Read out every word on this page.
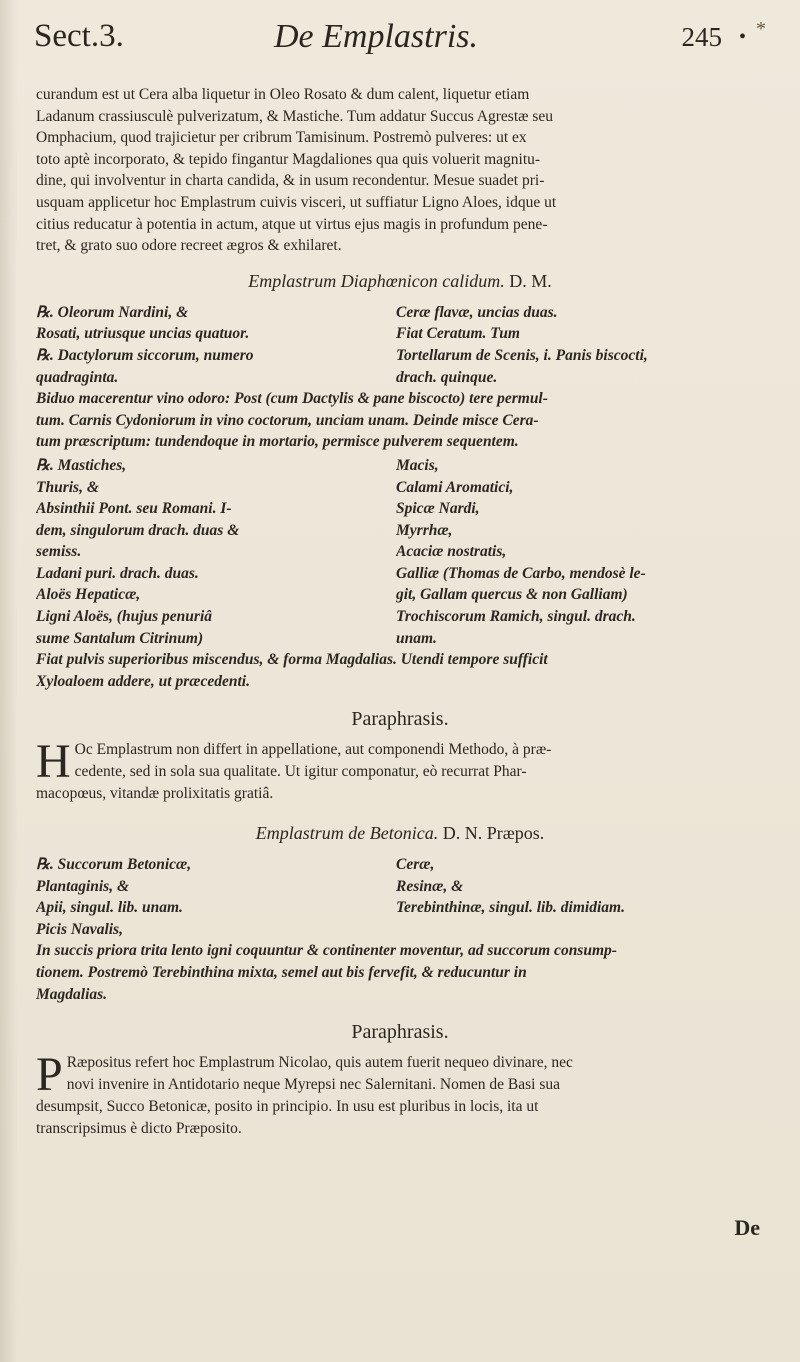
Sect.3.	De Emplastris.	245 • *
curandum est ut Cera alba liquetur in Oleo Rosato & dum calent, liquetur etiam
Ladanum crassiusculè pulverizatum, & Mastiche. Tum addatur Succus Agrestæ seu
Omphacium, quod trajicietur per cribrum Tamisinum. Postremò pulveres: ut ex
toto aptè incorporato, & tepido fingantur Magdaliones qua quis voluerit magnitu-
dine, qui involventur in charta candida, & in usum recondentur. Mesue suadet pri-
usquam applicetur hoc Emplastrum cuivis visceri, ut suffiatur Ligno Aloes, idque ut
citius reducatur à potentia in actum, atque ut virtus ejus magis in profundum pene-
tret, & grato suo odore recreet ægros & exhilaret.
Emplastrum Diaphœnicon calidum. D. M.
℞. Oleorum Nardini, &	Ceræ flavæ, uncias duas.
Rosati, utriusque uncias quatuor.	Fiat Ceratum. Tum
℞. Dactylorum siccorum, numero	Tortellarum de Scenis, i. Panis biscocti,
quadraginta.	drach. quinque.
Biduo macerentur vino odoro: Post (cum Dactylis & pane biscocto) tere permul-
tum. Carnis Cydoniorum in vino coctorum, unciam unam. Deinde misce Cera-
tum præscriptum: tundendoque in mortario, permisce pulverem sequentem.
℞. Mastiches,	Macis,
Thuris, &	Calami Aromatici,
Absinthii Pont. seu Romani. I-	Spicæ Nardi,
dem, singulorum drach. duas &	Myrrhæ,
semiss.	Acaciæ nostratis,
Ladani puri. drach. duas.	Galliæ (Thomas de Carbo, mendosè le-
Aloës Hepaticæ,	git, Gallam quercus & non Galliam)
Ligni Aloës, (hujus penuriâ	Trochiscorum Ramich, singul. drach.
sume Santalum Citrinum)	unam.
Fiat pulvis superioribus miscendus, & forma Magdalias. Utendi tempore sufficit
Xyloaloem addere, ut præcedenti.
Paraphrasis.
H Oc Emplastrum non differt in appellatione, aut componendi Methodo, à præ-
cedente, sed in sola sua qualitate. Ut igitur componatur, eò recurrat Phar-
macopœus, vitandæ prolixitatis gratiâ.
Emplastrum de Betonica. D. N. Præpos.
℞. Succorum Betonicæ,	Ceræ,
Plantaginis, &	Resinæ, &
Apii, singul. lib. unam.	Terebinthinæ, singul. lib. dimidiam.
Picis Navalis,
In succis priora trita lento igni coquuntur & continenter moventur, ad succorum consump-
tionem. Postremò Terebinthina mixta, semel aut bis fervefit, & reducuntur in
Magdalias.
Paraphrasis.
P Ræpositus refert hoc Emplastrum Nicolao, quis autem fuerit nequeo divinare, nec
novi invenire in Antidotario neque Myrepsi nec Salernitani. Nomen de Basi sua
desumpsit, Succo Betonicæ, posito in principio. In usu est pluribus in locis, ita ut
transcripsimus è dicto Præposito.
De
